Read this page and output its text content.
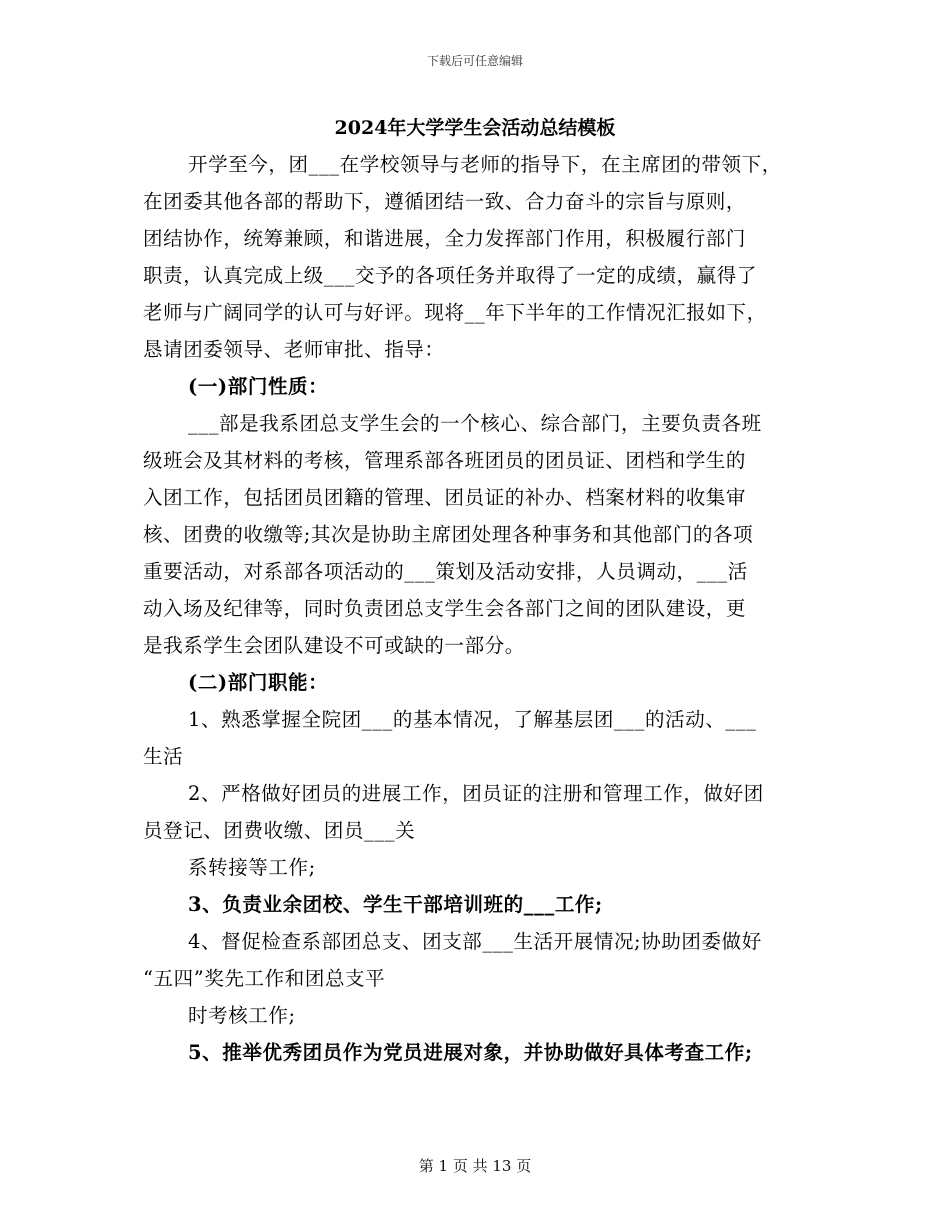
下载后可任意编辑
2024年大学学生会活动总结模板
开学至今，团___在学校领导与老师的指导下，在主席团的带领下，
在团委其他各部的帮助下，遵循团结一致、合力奋斗的宗旨与原则，
团结协作，统筹兼顾，和谐进展，全力发挥部门作用，积极履行部门
职责，认真完成上级___交予的各项任务并取得了一定的成绩，赢得了
老师与广阔同学的认可与好评。现将__年下半年的工作情况汇报如下，
恳请团委领导、老师审批、指导：
(一)部门性质：
___部是我系团总支学生会的一个核心、综合部门，主要负责各班
级班会及其材料的考核，管理系部各班团员的团员证、团档和学生的
入团工作，包括团员团籍的管理、团员证的补办、档案材料的收集审
核、团费的收缴等;其次是协助主席团处理各种事务和其他部门的各项
重要活动，对系部各项活动的___策划及活动安排，人员调动，___活
动入场及纪律等，同时负责团总支学生会各部门之间的团队建设，更
是我系学生会团队建设不可或缺的一部分。
(二)部门职能：
1、熟悉掌握全院团___的基本情况，了解基层团___的活动、___
生活
2、严格做好团员的进展工作，团员证的注册和管理工作，做好团
员登记、团费收缴、团员___关
系转接等工作;
3、负责业余团校、学生干部培训班的___工作;
4、督促检查系部团总支、团支部___生活开展情况;协助团委做好
“五四”奖先工作和团总支平
时考核工作;
5、推举优秀团员作为党员进展对象，并协助做好具体考查工作;
第 1 页 共 13 页
